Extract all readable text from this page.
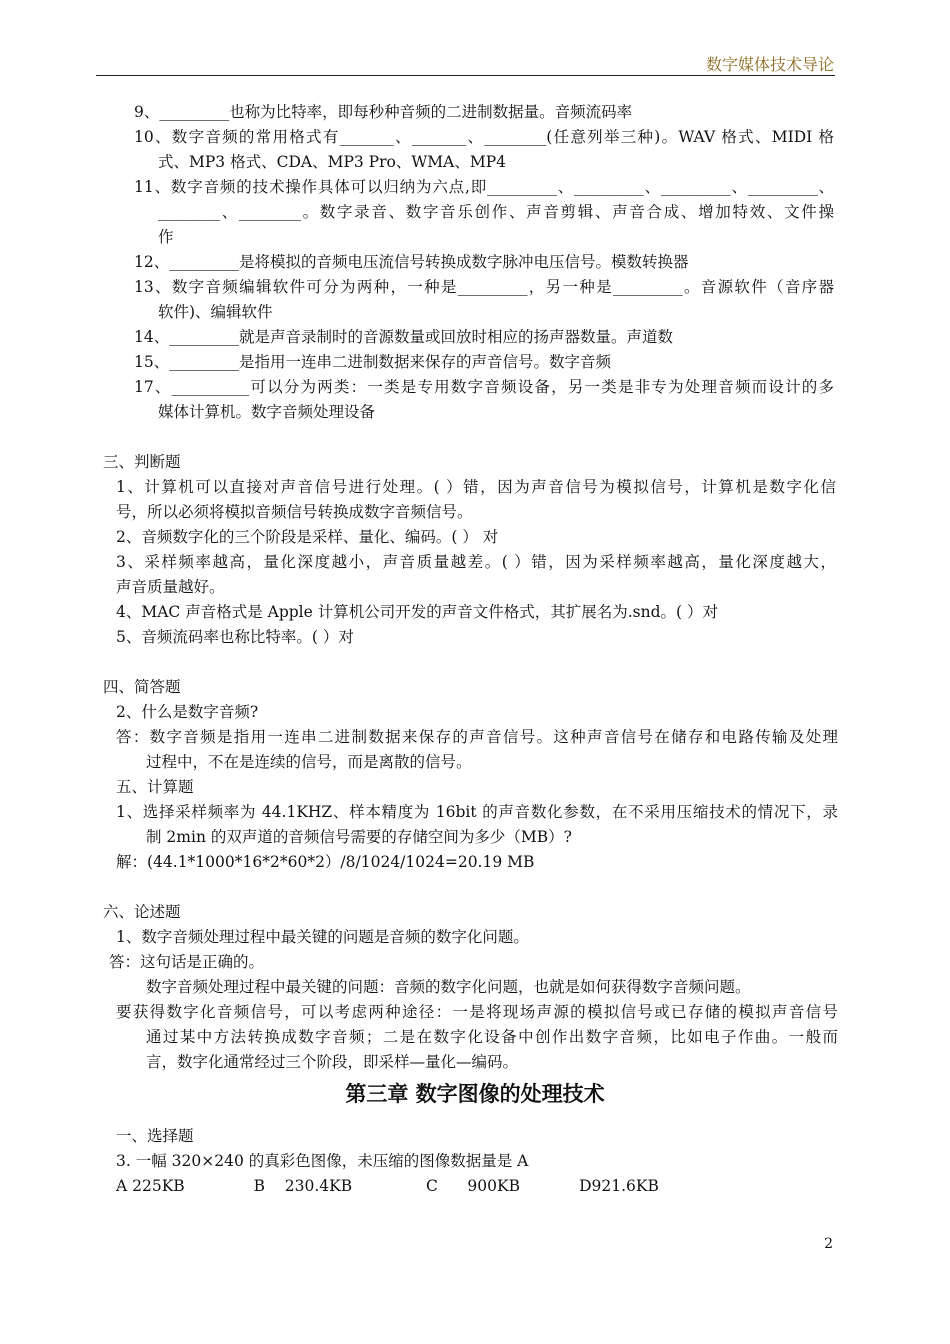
数字媒体技术导论
9、_________也称为比特率，即每秒种音频的二进制数据量。音频流码率
10、数字音频的常用格式有_______、_______、________(任意列举三种)。WAV 格式、MIDI 格
式、MP3 格式、CDA、MP3 Pro、WMA、MP4
11、数字音频的技术操作具体可以归纳为六点,即_________、_________、_________、_________、
________、________。数字录音、数字音乐创作、声音剪辑、声音合成、增加特效、文件操
作
12、_________是将模拟的音频电压流信号转换成数字脉冲电压信号。模数转换器
13、数字音频编辑软件可分为两种，一种是_________，另一种是_________。音源软件（音序器
软件)、编辑软件
14、_________就是声音录制时的音源数量或回放时相应的扬声器数量。声道数
15、_________是指用一连串二进制数据来保存的声音信号。数字音频
17、__________可以分为两类：一类是专用数字音频设备，另一类是非专为处理音频而设计的多
媒体计算机。数字音频处理设备
三、判断题
1、计算机可以直接对声音信号进行处理。( ）错，因为声音信号为模拟信号，计算机是数字化信
号，所以必须将模拟音频信号转换成数字音频信号。
2、音频数字化的三个阶段是采样、量化、编码。( ） 对
3、采样频率越高，量化深度越小，声音质量越差。( ）错，因为采样频率越高，量化深度越大，
声音质量越好。
4、MAC 声音格式是 Apple 计算机公司开发的声音文件格式，其扩展名为.snd。( ）对
5、音频流码率也称比特率。( ）对
四、简答题
2、什么是数字音频?
答：数字音频是指用一连串二进制数据来保存的声音信号。这种声音信号在储存和电路传输及处理
过程中，不在是连续的信号，而是离散的信号。
五、计算题
1、选择采样频率为 44.1KHZ、样本精度为 16bit 的声音数化参数，在不采用压缩技术的情况下，录
制 2min 的双声道的音频信号需要的存储空间为多少（MB）?
解：(44.1*1000*16*2*60*2）/8/1024/1024=20.19 MB
六、论述题
1、数字音频处理过程中最关键的问题是音频的数字化问题。
答：这句话是正确的。
数字音频处理过程中最关键的问题：音频的数字化问题，也就是如何获得数字音频问题。
要获得数字化音频信号，可以考虑两种途径：一是将现场声源的模拟信号或已存储的模拟声音信号
通过某中方法转换成数字音频；二是在数字化设备中创作出数字音频，比如电子作曲。一般而
言，数字化通常经过三个阶段，即采样—量化—编码。
第三章 数字图像的处理技术
一、选择题
3. 一幅 320×240 的真彩色图像，未压缩的图像数据量是 A
A 225KB              B    230.4KB               C      900KB            D921.6KB
2
